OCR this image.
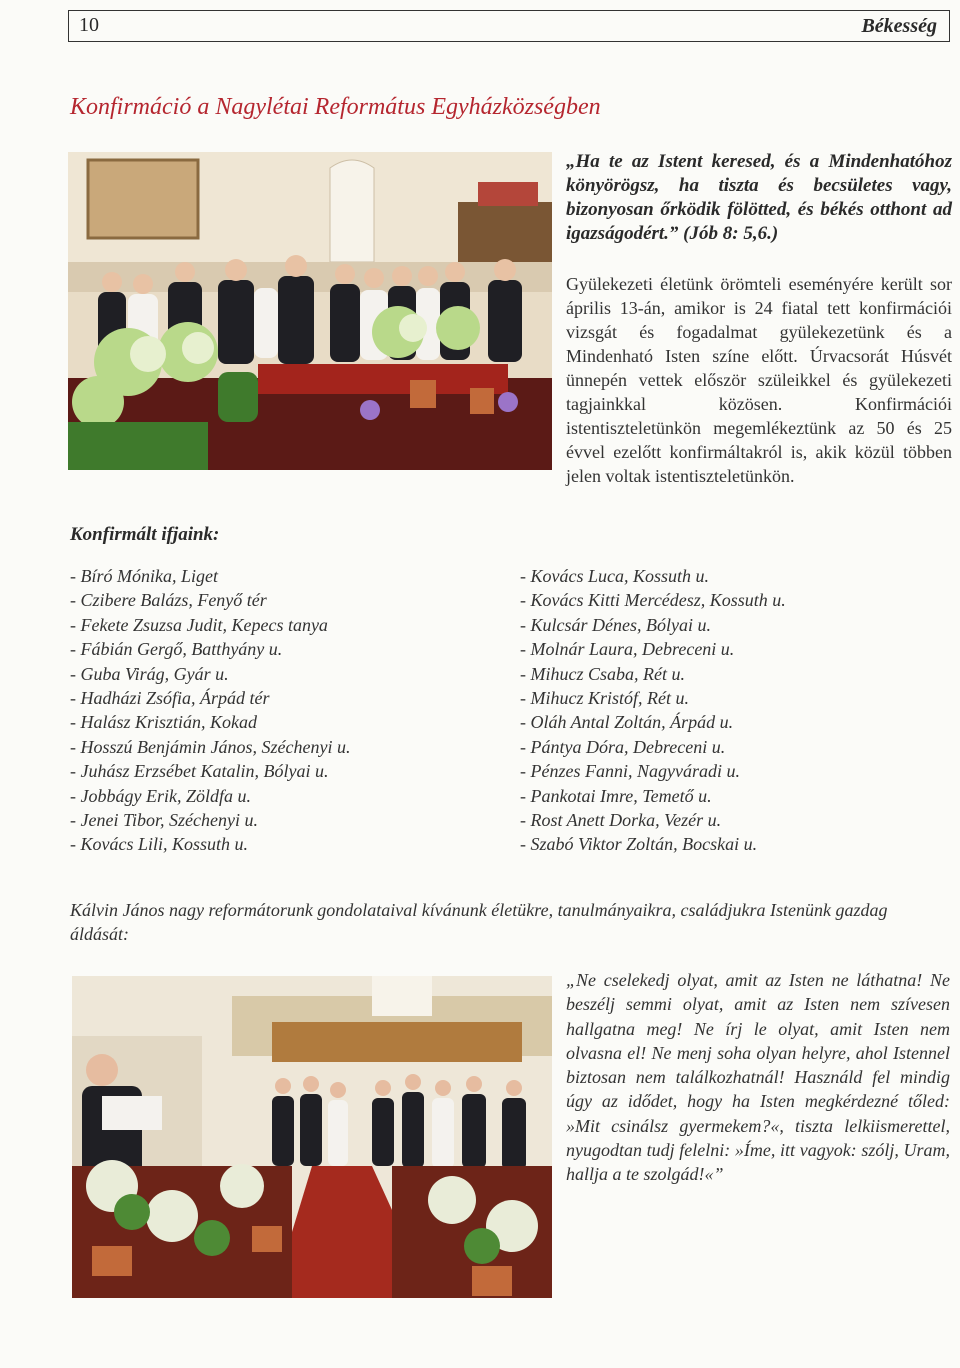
10	Békesség
Konfirmáció a Nagylétai Református Egyházközségben
„Ha te az Istent keresed, és a Mindenhatóhoz könyörögsz, ha tiszta és becsületes vagy, bizonyosan őrködik fölötted, és békés otthont ad igazságodért.” (Jób 8: 5,6.)
Gyülekezeti életünk örömteli eseményére került sor április 13-án, amikor is 24 fiatal tett konfirmációi vizsgát és fogadalmat gyülekezetünk és a Mindenható Isten színe előtt. Úrvacsorát Húsvét ünnepén vettek először szüleikkel és gyülekezeti tagjainkkal közösen. Konfirmációi istentiszteletünkön megemlékeztünk az 50 és 25 évvel ezelőtt konfirmáltakról is, akik közül többen jelen voltak istentiszteletünkön.
Konfirmált ifjaink:
- Bíró Mónika, Liget
- Czibere Balázs, Fenyő tér
- Fekete Zsuzsa Judit, Kepecs tanya
- Fábián Gergő, Batthyány u.
- Guba Virág, Gyár u.
- Hadházi Zsófia, Árpád tér
- Halász Krisztián, Kokad
- Hosszú Benjámin János, Széchenyi u.
- Juhász Erzsébet Katalin, Bólyai u.
- Jobbágy Erik, Zöldfa u.
- Jenei Tibor, Széchenyi u.
- Kovács Lili, Kossuth u.
- Kovács Luca, Kossuth u.
- Kovács Kitti Mercédesz, Kossuth u.
- Kulcsár Dénes, Bólyai u.
- Molnár Laura, Debreceni u.
- Mihucz Csaba, Rét u.
- Mihucz Kristóf, Rét u.
- Oláh Antal Zoltán, Árpád u.
- Pántya Dóra, Debreceni u.
- Pénzes Fanni, Nagyváradi u.
- Pankotai Imre, Temető u.
- Rost Anett Dorka, Vezér u.
- Szabó Viktor Zoltán, Bocskai u.
Kálvin János nagy reformátorunk gondolataival kívánunk életükre, tanulmányaikra, családjukra Istenünk gazdag áldását:
„Ne cselekedj olyat, amit az Isten ne láthatna! Ne beszélj semmi olyat, amit az Isten nem szívesen hallgatna meg! Ne írj le olyat, amit Isten nem olvasna el! Ne menj soha olyan helyre, ahol Istennel biztosan nem találkozhatnál! Használd fel mindig úgy az idődet, hogy ha Isten megkérdezné tőled: »Mit csinálsz gyermekem?«, tiszta lelkiismerettel, nyugodtan tudj felelni: »Íme, itt vagyok: szólj, Uram, hallja a te szolgád!«”
